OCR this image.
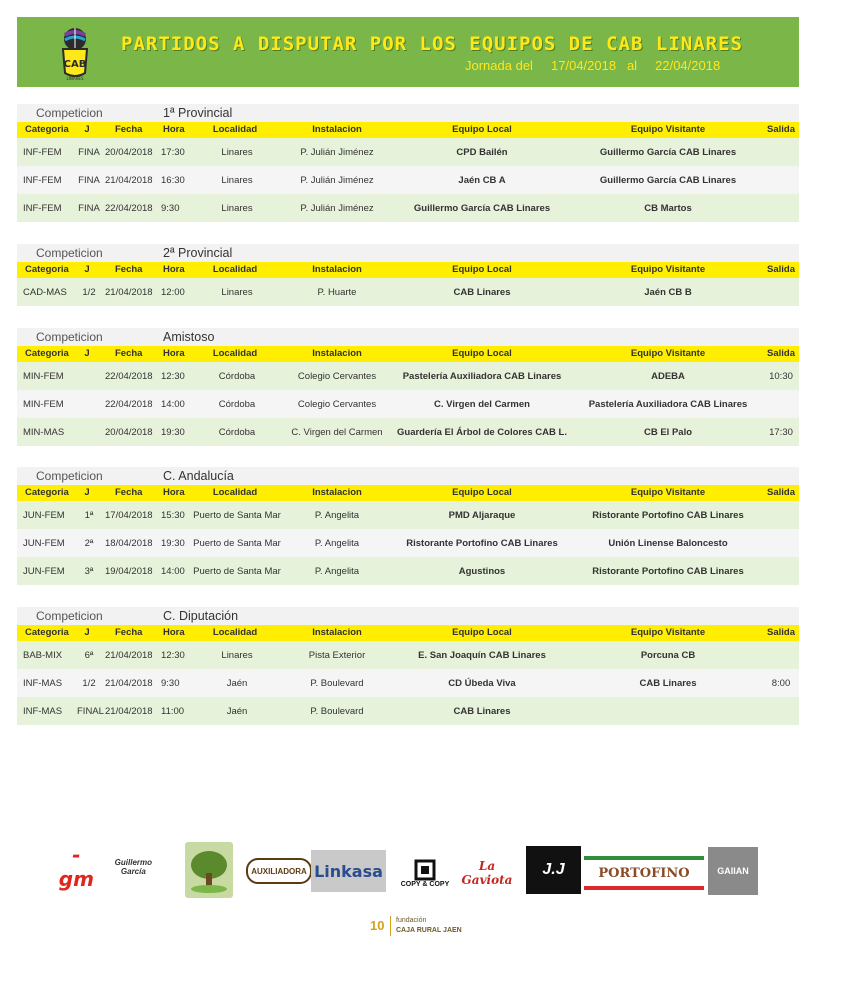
CAB
LINARES
PARTIDOS A DISPUTAR POR LOS EQUIPOS DE CAB LINARES
Jornada del 17/04/2018 al 22/04/2018
Competicion	1ª Provincial
Categoria	J	Fecha	Hora	Localidad	Instalacion	Equipo Local	Equipo Visitante	Salida
INF-FEM	FINA 20/04/2018 17:30	Linares	P. Julián Jiménez	CPD Bailén	Guillermo García CAB Linares
INF-FEM	FINA 21/04/2018 16:30	Linares	P. Julián Jiménez	Jaén CB A	Guillermo García CAB Linares
INF-FEM	FINA 22/04/2018 9:30	Linares	P. Julián Jiménez	Guillermo García CAB Linares	CB Martos
Competicion	2ª Provincial
Categoria	J	Fecha	Hora	Localidad	Instalacion	Equipo Local	Equipo Visitante	Salida
CAD-MAS	1/2 21/04/2018 12:00	Linares	P. Huarte	CAB Linares	Jaén CB B
Competicion	Amistoso
Categoria	J	Fecha	Hora	Localidad	Instalacion	Equipo Local	Equipo Visitante	Salida
MIN-FEM	22/04/2018 12:30	Córdoba	Colegio Cervantes	Pastelería Auxiliadora CAB Linares	ADEBA	10:30
MIN-FEM	22/04/2018 14:00	Córdoba	Colegio Cervantes	C. Virgen del Carmen	Pastelería Auxiliadora CAB Linares
MIN-MAS	20/04/2018 19:30	Córdoba	C. Virgen del Carmen	Guardería El Árbol de Colores CAB L.	CB El Palo	17:30
Competicion	C. Andalucía
Categoria	J	Fecha	Hora	Localidad	Instalacion	Equipo Local	Equipo Visitante	Salida
JUN-FEM	1ª	17/04/2018 15:30 Puerto de Santa Mar	P. Angelita	PMD Aljaraque	Ristorante Portofino CAB Linares
JUN-FEM	2ª	18/04/2018 19:30 Puerto de Santa Mar	P. Angelita	Ristorante Portofino CAB Linares	Unión Linense Baloncesto
JUN-FEM	3ª	19/04/2018 14:00 Puerto de Santa Mar	P. Angelita	Agustinos	Ristorante Portofino CAB Linares
Competicion	C. Diputación
Categoria	J	Fecha	Hora	Localidad	Instalacion	Equipo Local	Equipo Visitante	Salida
BAB-MIX	6ª	21/04/2018 12:30	Linares	Pista Exterior	E. San Joaquín CAB Linares	Porcuna CB
INF-MAS	1/2 21/04/2018 9:30	Jaén	P. Boulevard	CD Úbeda Viva	CAB Linares	8:00
INF-MAS	FINAL 21/04/2018 11:00	Jaén	P. Boulevard	CAB Linares
-gm
Guillermo García	AUXILIADORA Linkasa
COPY & COPY
La Gaviota
J.J	PORTOFINO	GAIIAN
10 fundación
CAJA RURAL JAEN
